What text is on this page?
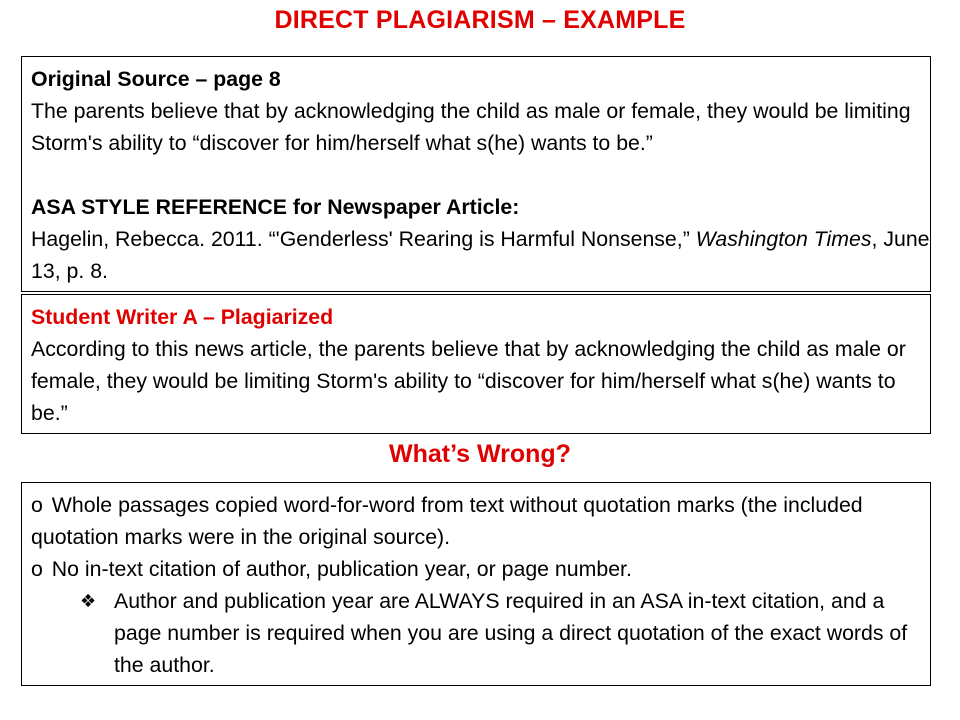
DIRECT PLAGIARISM – EXAMPLE

Original Source – page 8

The parents believe that by acknowledging the child as male or female, they would be limiting Storm's ability to “discover for him/herself what s(he) wants to be.”

ASA STYLE REFERENCE for Newspaper Article:

Hagelin, Rebecca. 2011. “'Genderless' Rearing is Harmful Nonsense,” Washington Times, June 13, p. 8.

Student Writer A – Plagiarized

According to this news article, the parents believe that by acknowledging the child as male or female, they would be limiting Storm's ability to “discover for him/herself what s(he) wants to be.”

What’s Wrong?

o Whole passages copied word-for-word from text without quotation marks (the included quotation marks were in the original source).

o No in-text citation of author, publication year, or page number.

❖ Author and publication year are ALWAYS required in an ASA in-text citation, and a page number is required when you are using a direct quotation of the exact words of the author.
